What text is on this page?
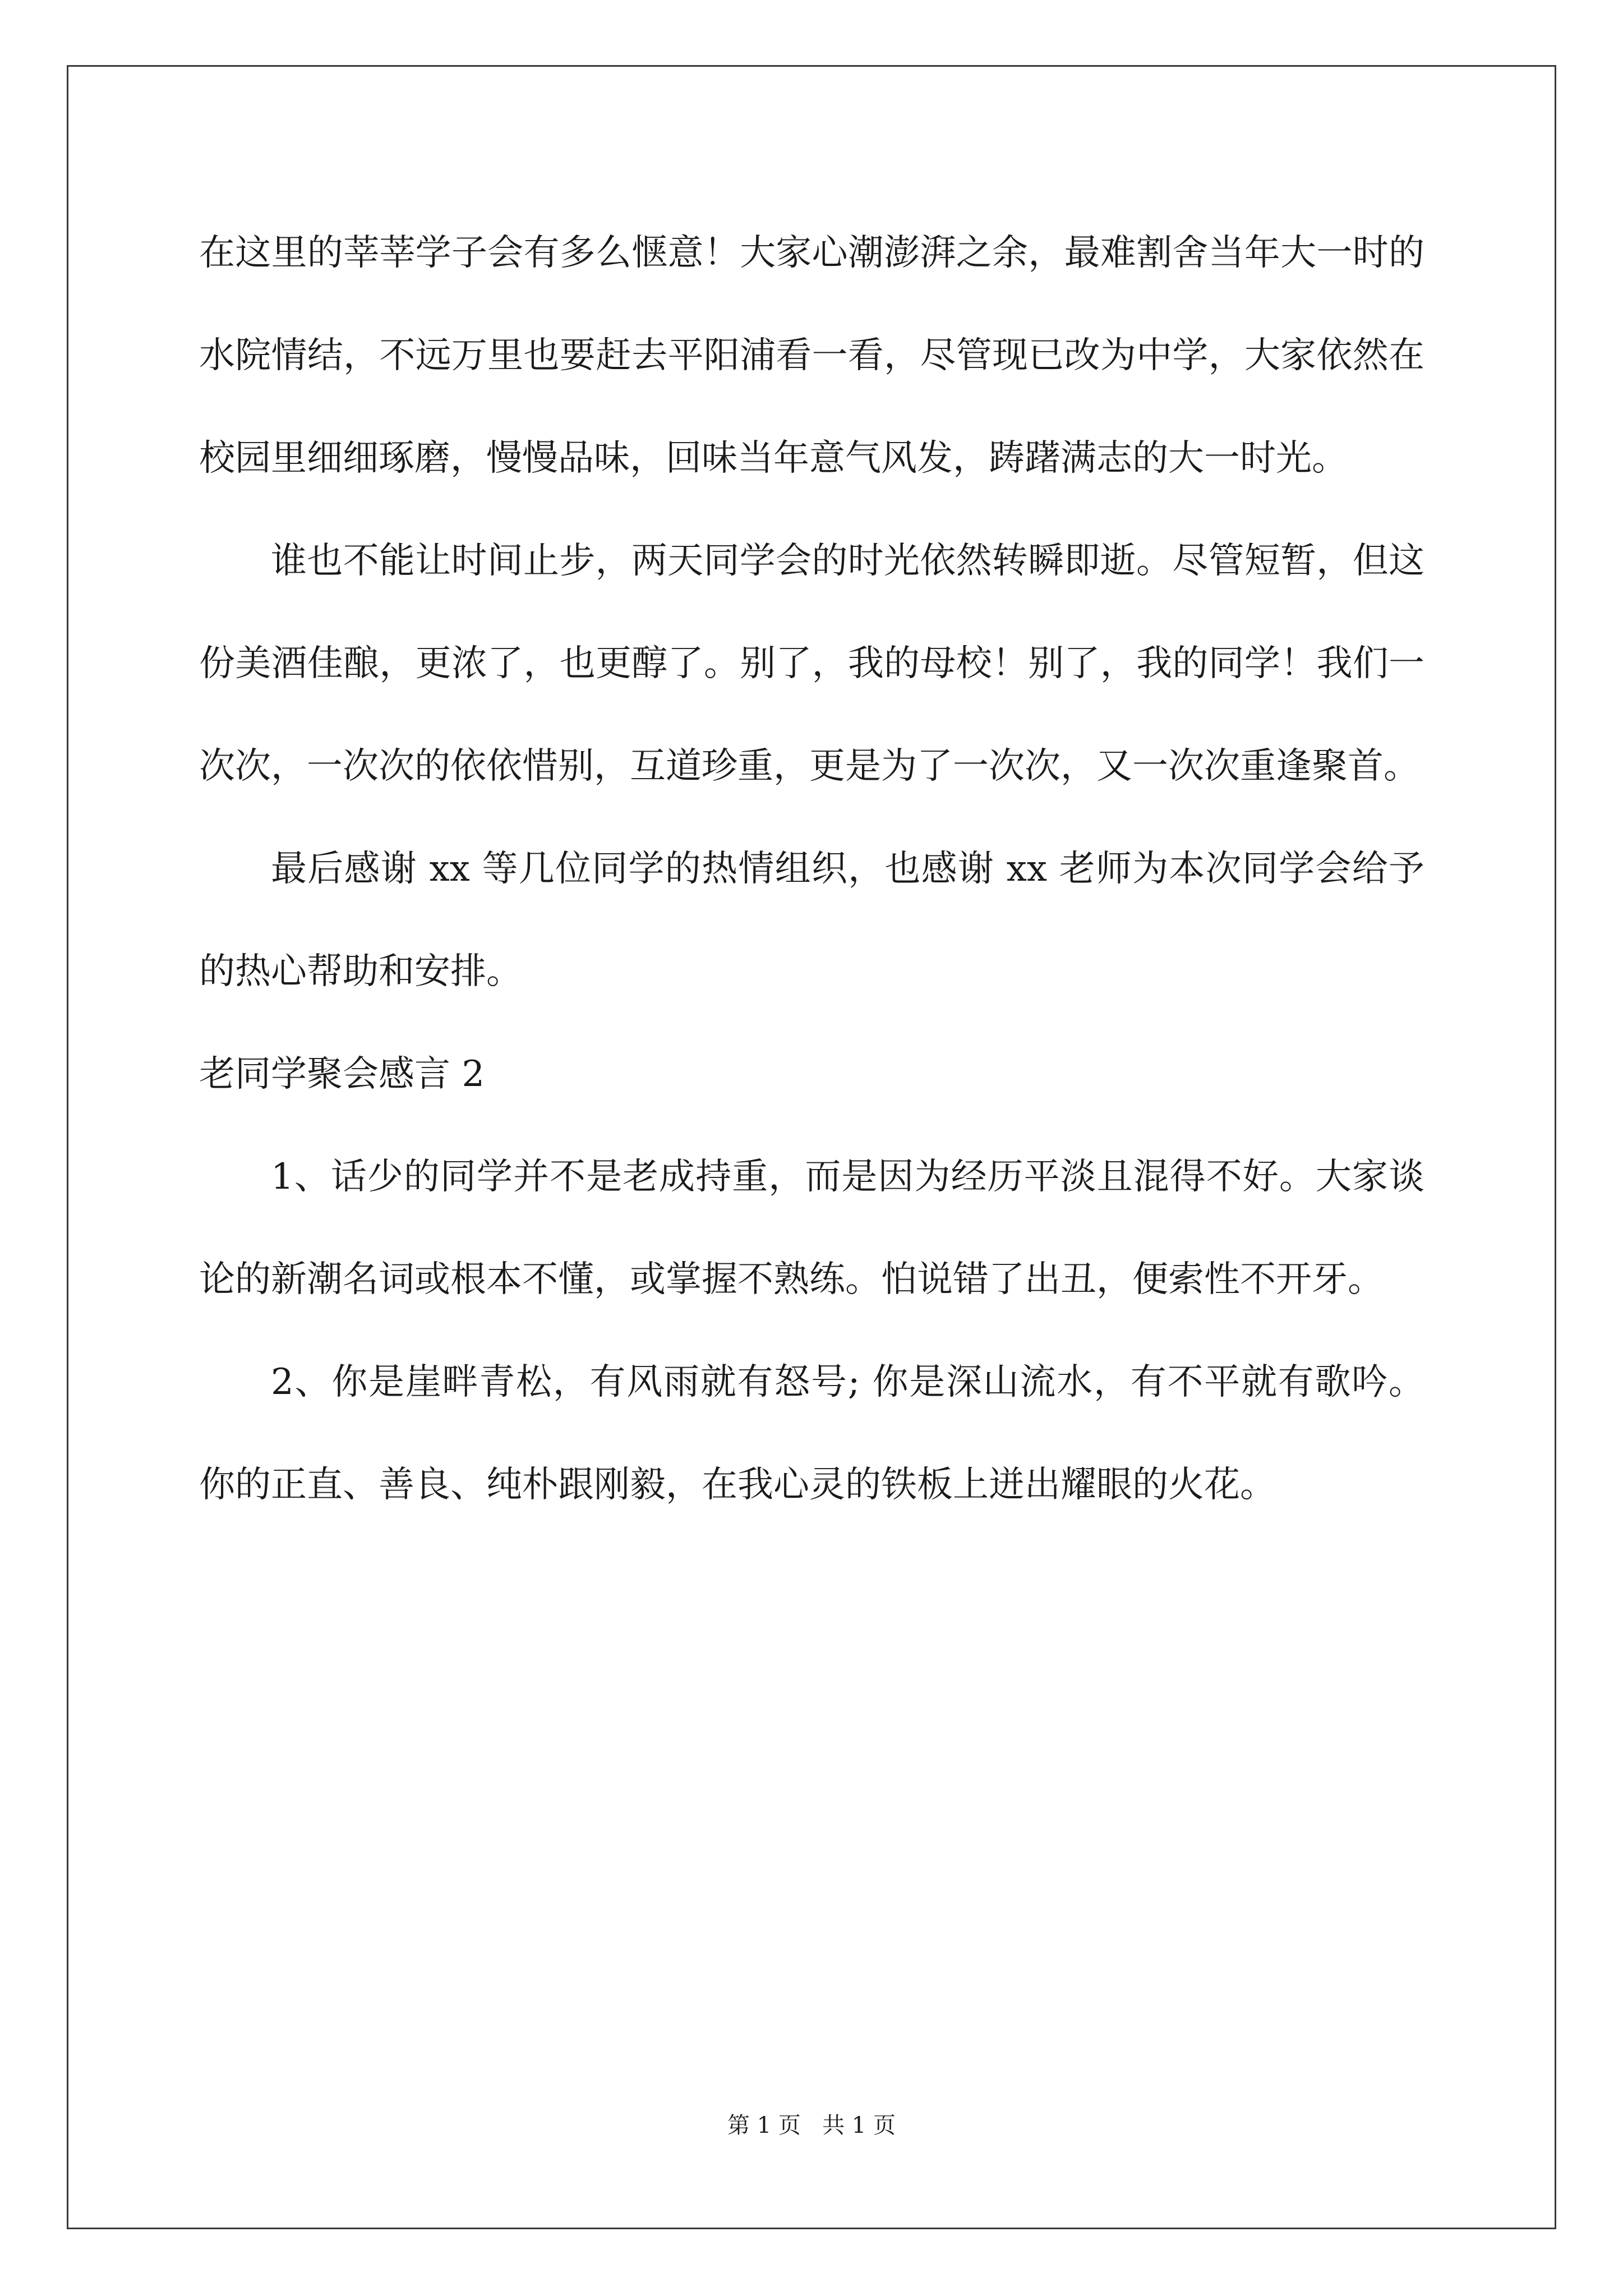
在这里的莘莘学子会有多么惬意！大家心潮澎湃之余，最难割舍当年大一时的水院情结，不远万里也要赶去平阳浦看一看，尽管现已改为中学，大家依然在校园里细细琢磨，慢慢品味，回味当年意气风发，踌躇满志的大一时光。

谁也不能让时间止步，两天同学会的时光依然转瞬即逝。尽管短暂，但这份美酒佳酿，更浓了，也更醇了。别了，我的母校！别了，我的同学！我们一次次，一次次的依依惜别，互道珍重，更是为了一次次，又一次次重逢聚首。

最后感谢 xx 等几位同学的热情组织，也感谢 xx 老师为本次同学会给予的热心帮助和安排。

老同学聚会感言 2

1、话少的同学并不是老成持重，而是因为经历平淡且混得不好。大家谈论的新潮名词或根本不懂，或掌握不熟练。怕说错了出丑，便索性不开牙。

2、你是崖畔青松，有风雨就有怒号; 你是深山流水，有不平就有歌吟。你的正直、善良、纯朴跟刚毅，在我心灵的铁板上迸出耀眼的火花。

第 1 页   共 1 页
